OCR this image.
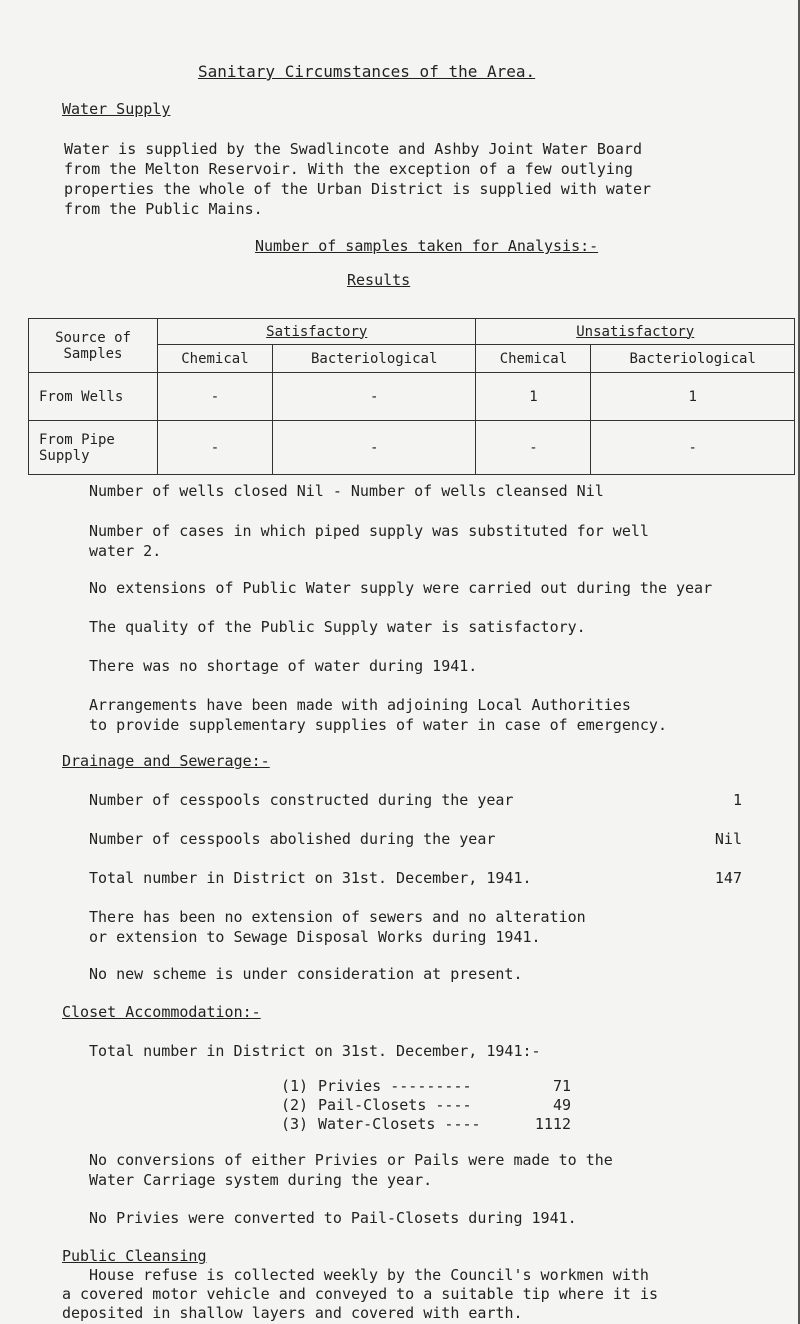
Sanitary Circumstances of the Area.
Water Supply
Water is supplied by the Swadlincote and Ashby Joint Water Board
from the Melton Reservoir. With the exception of a few outlying
properties the whole of the Urban District is supplied with water
from the Public Mains.
Number of samples taken for Analysis:-
Results
Source of Samples	Satisfactory		Unsatisfactory	
	Chemical	Bacteriological	Chemical	Bacteriological
From Wells	-	-	1	1
From Pipe Supply	-	-	-	-
Number of wells closed Nil - Number of wells cleansed Nil
Number of cases in which piped supply was substituted for well
water 2.
No extensions of Public Water supply were carried out during the year
The quality of the Public Supply water is satisfactory.
There was no shortage of water during 1941.
Arrangements have been made with adjoining Local Authorities
to provide supplementary supplies of water in case of emergency.
Drainage and Sewerage:-
Number of cesspools constructed during the year	1
Number of cesspools abolished during the year	Nil
Total number in District on 31st. December, 1941.	147
There has been no extension of sewers and no alteration
or extension to Sewage Disposal Works during 1941.
No new scheme is under consideration at present.
Closet Accommodation:-
Total number in District on 31st. December, 1941:-
(1) Privies ---------	71
(2) Pail-Closets ----	49
(3) Water-Closets ----	1112
No conversions of either Privies or Pails were made to the
Water Carriage system during the year.
No Privies were converted to Pail-Closets during 1941.
Public Cleansing
House refuse is collected weekly by the Council's workmen with
a covered motor vehicle and conveyed to a suitable tip where it is
deposited in shallow layers and covered with earth.
